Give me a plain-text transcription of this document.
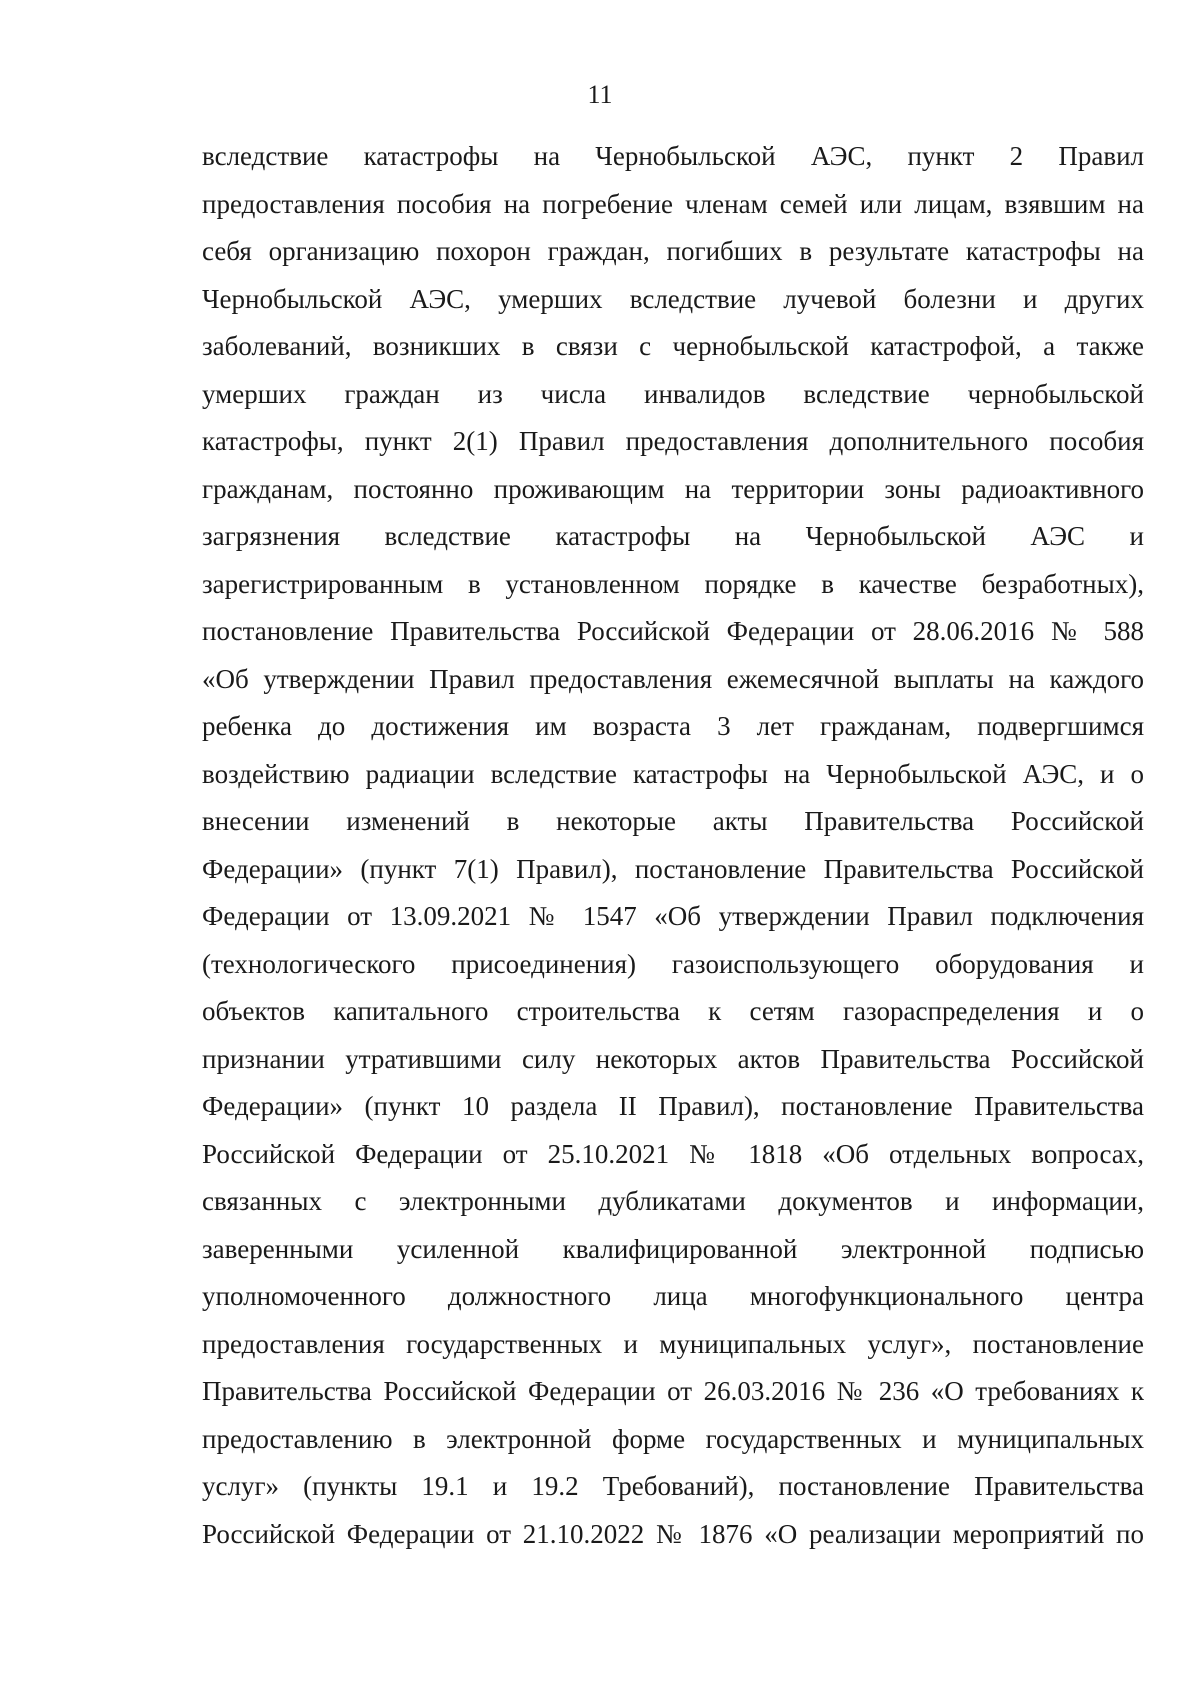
11
вследствие катастрофы на Чернобыльской АЭС, пункт 2 Правил
предоставления пособия на погребение членам семей или лицам, взявшим на
себя организацию похорон граждан, погибших в результате катастрофы на
Чернобыльской АЭС, умерших вследствие лучевой болезни и других
заболеваний, возникших в связи с чернобыльской катастрофой, а также
умерших граждан из числа инвалидов вследствие чернобыльской
катастрофы, пункт 2(1) Правил предоставления дополнительного пособия
гражданам, постоянно проживающим на территории зоны радиоактивного
загрязнения вследствие катастрофы на Чернобыльской АЭС и
зарегистрированным в установленном порядке в качестве безработных),
постановление Правительства Российской Федерации от 28.06.2016 № 588
«Об утверждении Правил предоставления ежемесячной выплаты на каждого
ребенка до достижения им возраста 3 лет гражданам, подвергшимся
воздействию радиации вследствие катастрофы на Чернобыльской АЭС, и о
внесении изменений в некоторые акты Правительства Российской
Федерации» (пункт 7(1) Правил), постановление Правительства Российской
Федерации от 13.09.2021 № 1547 «Об утверждении Правил подключения
(технологического присоединения) газоиспользующего оборудования и
объектов капитального строительства к сетям газораспределения и о
признании утратившими силу некоторых актов Правительства Российской
Федерации» (пункт 10 раздела II Правил), постановление Правительства
Российской Федерации от 25.10.2021 № 1818 «Об отдельных вопросах,
связанных с электронными дубликатами документов и информации,
заверенными усиленной квалифицированной электронной подписью
уполномоченного должностного лица многофункционального центра
предоставления государственных и муниципальных услуг», постановление
Правительства Российской Федерации от 26.03.2016 № 236 «О требованиях к
предоставлению в электронной форме государственных и муниципальных
услуг» (пункты 19.1 и 19.2 Требований), постановление Правительства
Российской Федерации от 21.10.2022 № 1876 «О реализации мероприятий по
